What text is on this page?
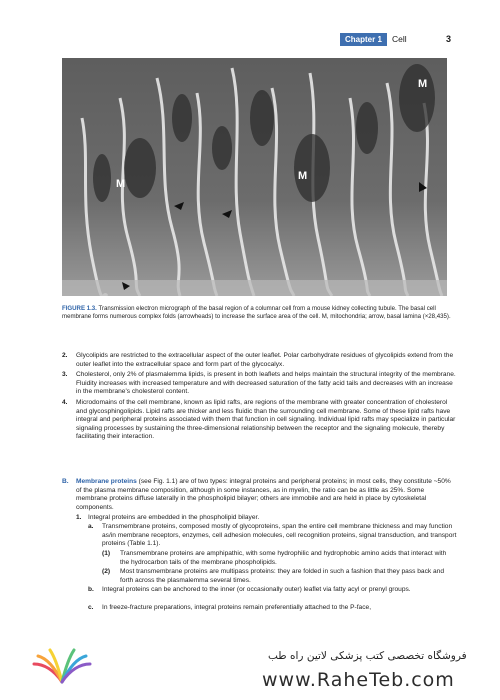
Chapter 1	Cell	3
M
M
M
FIGURE 1.3. Transmission electron micrograph of the basal region of a columnar cell from a mouse kidney collecting tubule. The basal cell membrane forms numerous complex folds (arrowheads) to increase the surface area of the cell. M, mitochondria; arrow, basal lamina (×28,435).
2. Glycolipids are restricted to the extracellular aspect of the outer leaflet. Polar carbohydrate residues of glycolipids extend from the outer leaflet into the extracellular space and form part of the glycocalyx.
3. Cholesterol, only 2% of plasmalemma lipids, is present in both leaflets and helps maintain the structural integrity of the membrane. Fluidity increases with increased temperature and with decreased saturation of the fatty acid tails and decreases with an increase in the membrane's cholesterol content.
4. Microdomains of the cell membrane, known as lipid rafts, are regions of the membrane with greater concentration of cholesterol and glycosphingolipids. Lipid rafts are thicker and less fluidic than the surrounding cell membrane. Some of these lipid rafts have integral and peripheral proteins associated with them that function in cell signaling. Individual lipid rafts may specialize in particular signaling processes by sustaining the three-dimensional relationship between the receptor and the signaling molecule, thereby facilitating their interaction.
B. Membrane proteins (see Fig. 1.1) are of two types: integral proteins and peripheral proteins; in most cells, they constitute ~50% of the plasma membrane composition, although in some instances, as in myelin, the ratio can be as little as 25%. Some membrane proteins diffuse laterally in the phospholipid bilayer; others are immobile and are held in place by cytoskeletal components.
1. Integral proteins are embedded in the phospholipid bilayer.
a. Transmembrane proteins, composed mostly of glycoproteins, span the entire cell membrane thickness and may function as/in membrane receptors, enzymes, cell adhesion molecules, cell recognition proteins, signal transduction, and transport proteins (Table 1.1).
(1) Transmembrane proteins are amphipathic, with some hydrophilic and hydrophobic amino acids that interact with the hydrocarbon tails of the membrane phospholipids.
(2) Most transmembrane proteins are multipass proteins: they are folded in such a fashion that they pass back and forth across the plasmalemma several times.
b. Integral proteins can be anchored to the inner (or occasionally outer) leaflet via fatty acyl or prenyl groups.
c. In freeze-fracture preparations, integral proteins remain preferentially attached to the P-face,
فروشگاه تخصصی کتب پزشکی لاتین راه طب
www.RaheTeb.com
